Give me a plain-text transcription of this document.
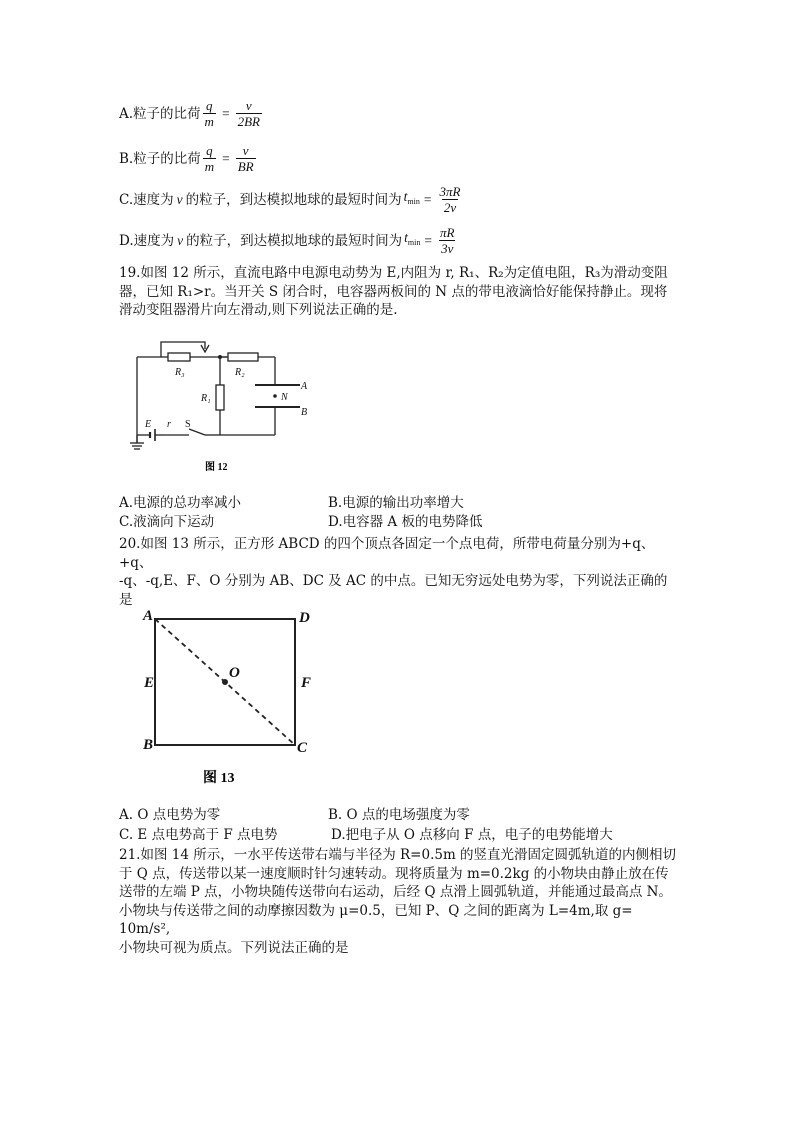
A.粒子的比荷 $\frac{q}{m} = \frac{v}{2BR}$
B.粒子的比荷 $\frac{q}{m} = \frac{v}{BR}$
C.速度为 v 的粒子，到达模拟地球的最短时间为 $t_{min} = \frac{3\pi R}{2v}$
D.速度为 v 的粒子，到达模拟地球的最短时间为 $t_{min} = \frac{\pi R}{3v}$
19.如图 12 所示，直流电路中电源电动势为 E,内阻为 r, R₁、R₂为定值电阻，R₃为滑动变阻
器，已知 R₁>r。当开关 S 闭合时，电容器两板间的 N 点的带电液滴恰好能保持静止。现将
滑动变阻器滑片向左滑动,则下列说法正确的是.
R₃	R₂
R₁
A
B
N
E r S
图 12
A.电源的总功率减小	B.电源的输出功率增大
C.液滴向下运动	D.电容器 A 板的电势降低
20.如图 13 所示，正方形 ABCD 的四个顶点各固定一个点电荷，所带电荷量分别为+q、+q、
-q、-q,E、F、O 分别为 AB、DC 及 AC 的中点。已知无穷远处电势为零，下列说法正确的
是
A
B	C
D
E	F
O
图 13
A. O 点电势为零	B. O 点的电场强度为零
C. E 点电势高于 F 点电势	D.把电子从 O 点移向 F 点，电子的电势能增大
21.如图 14 所示，一水平传送带右端与半径为 R=0.5m 的竖直光滑固定圆弧轨道的内侧相切
于 Q 点，传送带以某一速度顺时针匀速转动。现将质量为 m=0.2kg 的小物块由静止放在传
送带的左端 P 点，小物块随传送带向右运动，后经 Q 点滑上圆弧轨道，并能通过最高点 N。
小物块与传送带之间的动摩擦因数为 μ=0.5，已知 P、Q 之间的距离为 L=4m,取 g= 10m/s²,
小物块可视为质点。下列说法正确的是
